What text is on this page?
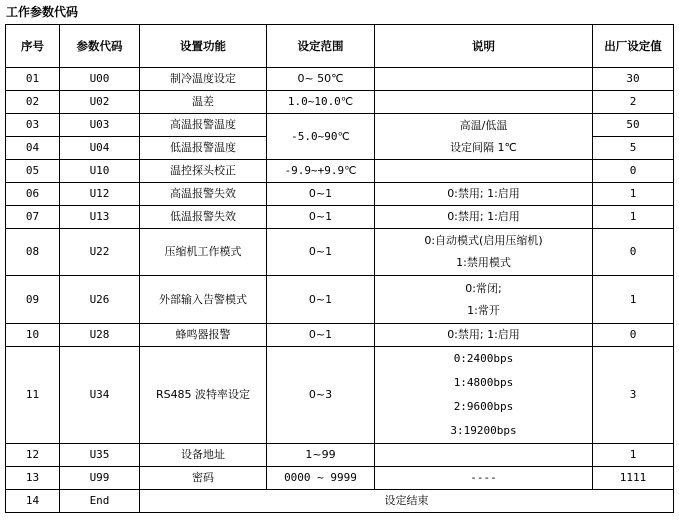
工作参数代码
序号	参数代码	设置功能	设定范围	说明	出厂设定值
01	U00	制冷温度设定	0~ 50℃		30
02	U02	温差	1.0~10.0℃		2
03	U03	高温报警温度	-5.0~90℃	高温/低温
设定间隔 1℃	50
04	U04	低温报警温度			5
05	U10	温控探头校正	-9.9~+9.9℃		0
06	U12	高温报警失效	0~1	0:禁用; 1:启用	1
07	U13	低温报警失效	0~1	0:禁用; 1:启用	1
08	U22	压缩机工作模式	0~1	0:自动模式(启用压缩机)
1:禁用模式	0
09	U26	外部输入告警模式	0~1	0:常闭;
1:常开	1
10	U28	蜂鸣器报警	0~1	0:禁用; 1:启用	0
11	U34	RS485 波特率设定	0~3	0:2400bps
1:4800bps
2:9600bps
3:19200bps	3
12	U35	设备地址	1~99		1
13	U99	密码	0000 ~ 9999	----	1111
14	End	设定结束			
